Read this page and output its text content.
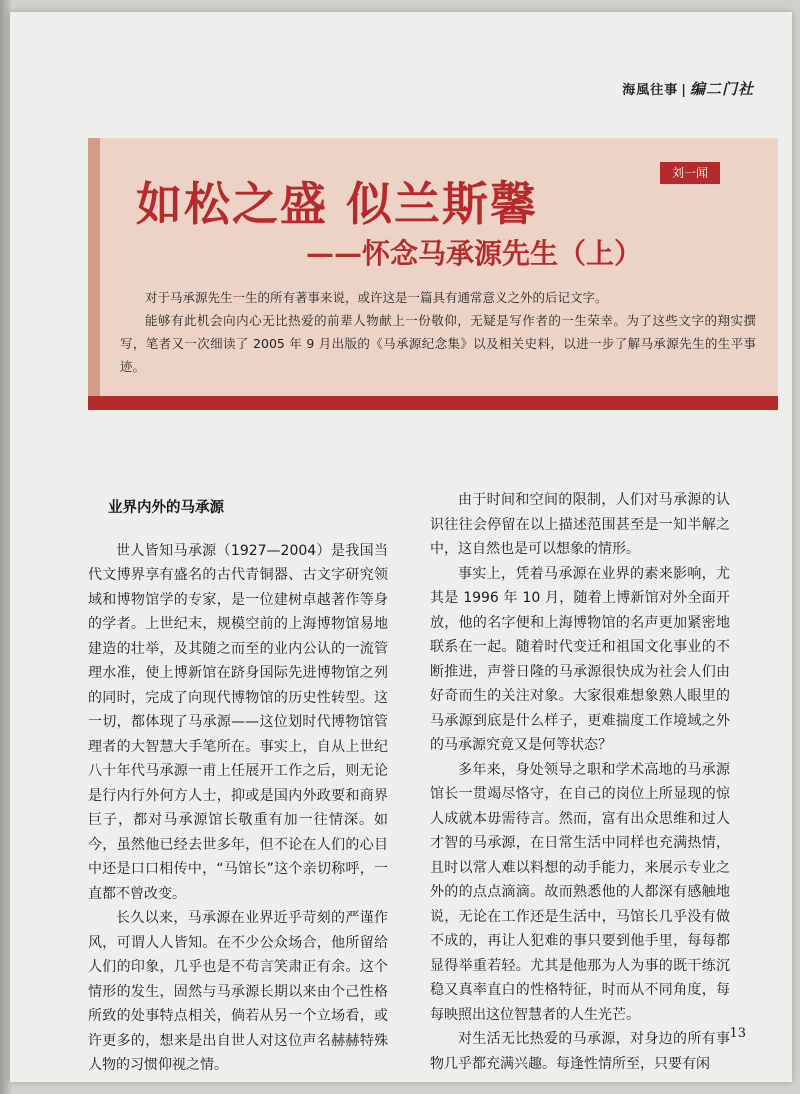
海風往事 | 编二门社
刘一闻
如松之盛 似兰斯馨
——怀念马承源先生（上）

对于马承源先生一生的所有著事来说，或许这是一篇具有通常意义之外的后记文字。

能够有此机会向内心无比热爱的前辈人物献上一份敬仰，无疑是写作者的一生荣幸。为了这些文字的翔实撰写，笔者又一次细读了 2005 年 9 月出版的《马承源纪念集》以及相关史料，以进一步了解马承源先生的生平事迹。

业界内外的马承源

世人皆知马承源（1927—2004）是我国当代文博界享有盛名的古代青铜器、古文字研究领域和博物馆学的专家，是一位建树卓越著作等身的学者。上世纪末，规模空前的上海博物馆易地建造的壮举，及其随之而至的业内公认的一流管理水准，使上博新馆在跻身国际先进博物馆之列的同时，完成了向现代博物馆的历史性转型。这一切，都体现了马承源——这位划时代博物馆管理者的大智慧大手笔所在。事实上，自从上世纪八十年代马承源一甫上任展开工作之后，则无论是行内行外何方人士，抑或是国内外政要和商界巨子，都对马承源馆长敬重有加一往情深。如今，虽然他已经去世多年，但不论在人们的心目中还是口口相传中，“马馆长”这个亲切称呼，一直都不曾改变。

长久以来，马承源在业界近乎苛刻的严谨作风，可谓人人皆知。在不少公众场合，他所留给人们的印象，几乎也是不苟言笑肃正有余。这个情形的发生，固然与马承源长期以来由个己性格所致的处事特点相关，倘若从另一个立场看，或许更多的，想来是出自世人对这位声名赫赫特殊人物的习惯仰视之情。

由于时间和空间的限制，人们对马承源的认识往往会停留在以上描述范围甚至是一知半解之中，这自然也是可以想象的情形。

事实上，凭着马承源在业界的素来影响，尤其是 1996 年 10 月，随着上博新馆对外全面开放，他的名字便和上海博物馆的名声更加紧密地联系在一起。随着时代变迁和祖国文化事业的不断推进，声誉日隆的马承源很快成为社会人们由好奇而生的关注对象。大家很难想象熟人眼里的马承源到底是什么样子，更难揣度工作境域之外的马承源究竟又是何等状态？

多年来，身处领导之职和学术高地的马承源馆长一贯竭尽恪守，在自己的岗位上所显现的惊人成就本毋需待言。然而，富有出众思维和过人才智的马承源，在日常生活中同样也充满热情，且时以常人难以料想的动手能力，来展示专业之外的的点点滴滴。故而熟悉他的人都深有感触地说，无论在工作还是生活中，马馆长几乎没有做不成的，再让人犯难的事只要到他手里，每每都显得举重若轻。尤其是他那为人为事的既干练沉稳又真率直白的性格特征，时而从不同角度，每每映照出这位智慧者的人生光芒。

对生活无比热爱的马承源，对身边的所有事物几乎都充满兴趣。每逢性情所至，只要有闲

13
